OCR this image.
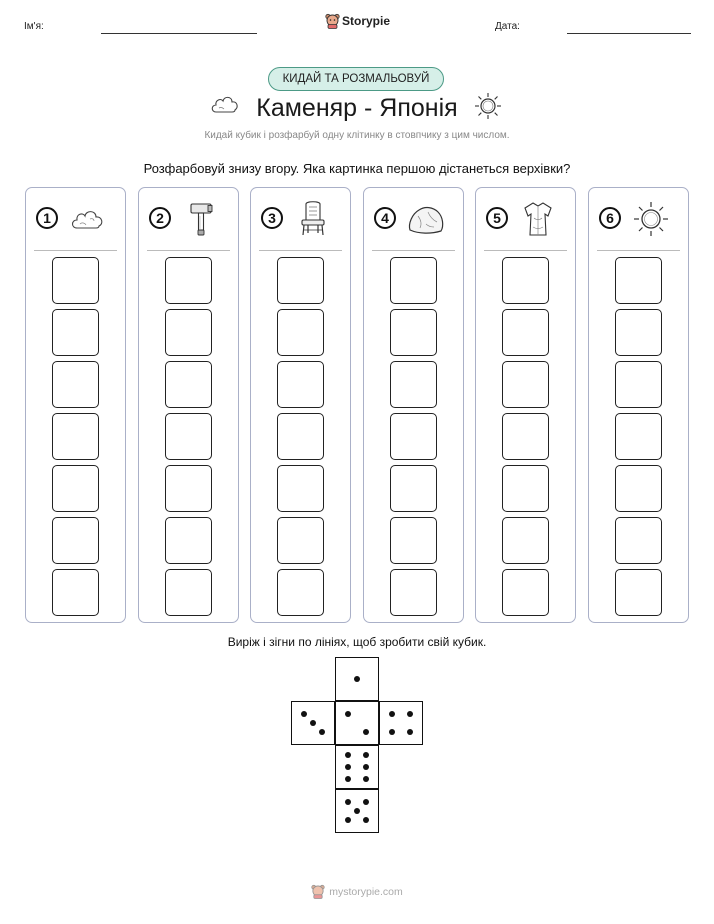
Ім'я:	Дата:
Storypie
КИДАЙ ТА РОЗМАЛЬОВУЙ
Каменяр - Японія
Кидай кубик і розфарбуй одну клітинку в стовпчику з цим числом.
Розфарбовуй знизу вгору. Яка картинка першою дістанеться верхівки?
1	2	3	4	5	6
Виріж і зігни по лініях, щоб зробити свій кубик.
mystorypie.com
